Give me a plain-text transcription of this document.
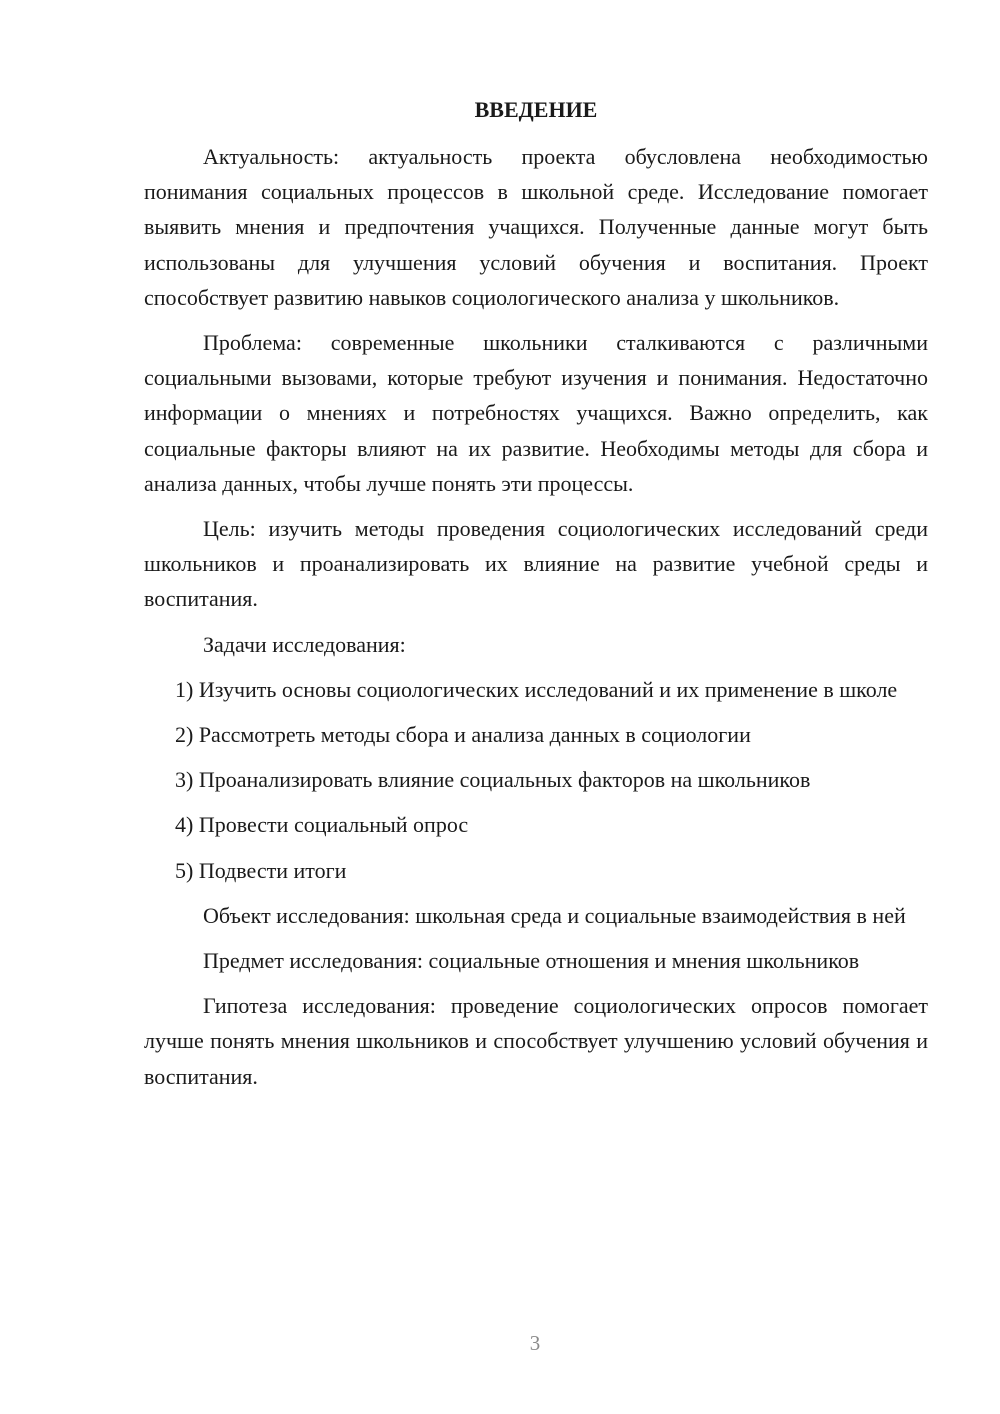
ВВЕДЕНИЕ

Актуальность: актуальность проекта обусловлена необходимостью понимания социальных процессов в школьной среде. Исследование помогает выявить мнения и предпочтения учащихся. Полученные данные могут быть использованы для улучшения условий обучения и воспитания. Проект способствует развитию навыков социологического анализа у школьников.

Проблема: современные школьники сталкиваются с различными социальными вызовами, которые требуют изучения и понимания. Недостаточно информации о мнениях и потребностях учащихся. Важно определить, как социальные факторы влияют на их развитие. Необходимы методы для сбора и анализа данных, чтобы лучше понять эти процессы.

Цель: изучить методы проведения социологических исследований среди школьников и проанализировать их влияние на развитие учебной среды и воспитания.

Задачи исследования:

1) Изучить основы социологических исследований и их применение в школе

2) Рассмотреть методы сбора и анализа данных в социологии

3) Проанализировать влияние социальных факторов на школьников

4) Провести социальный опрос

5) Подвести итоги

Объект исследования: школьная среда и социальные взаимодействия в ней

Предмет исследования: социальные отношения и мнения школьников

Гипотеза исследования: проведение социологических опросов помогает лучше понять мнения школьников и способствует улучшению условий обучения и воспитания.

3
